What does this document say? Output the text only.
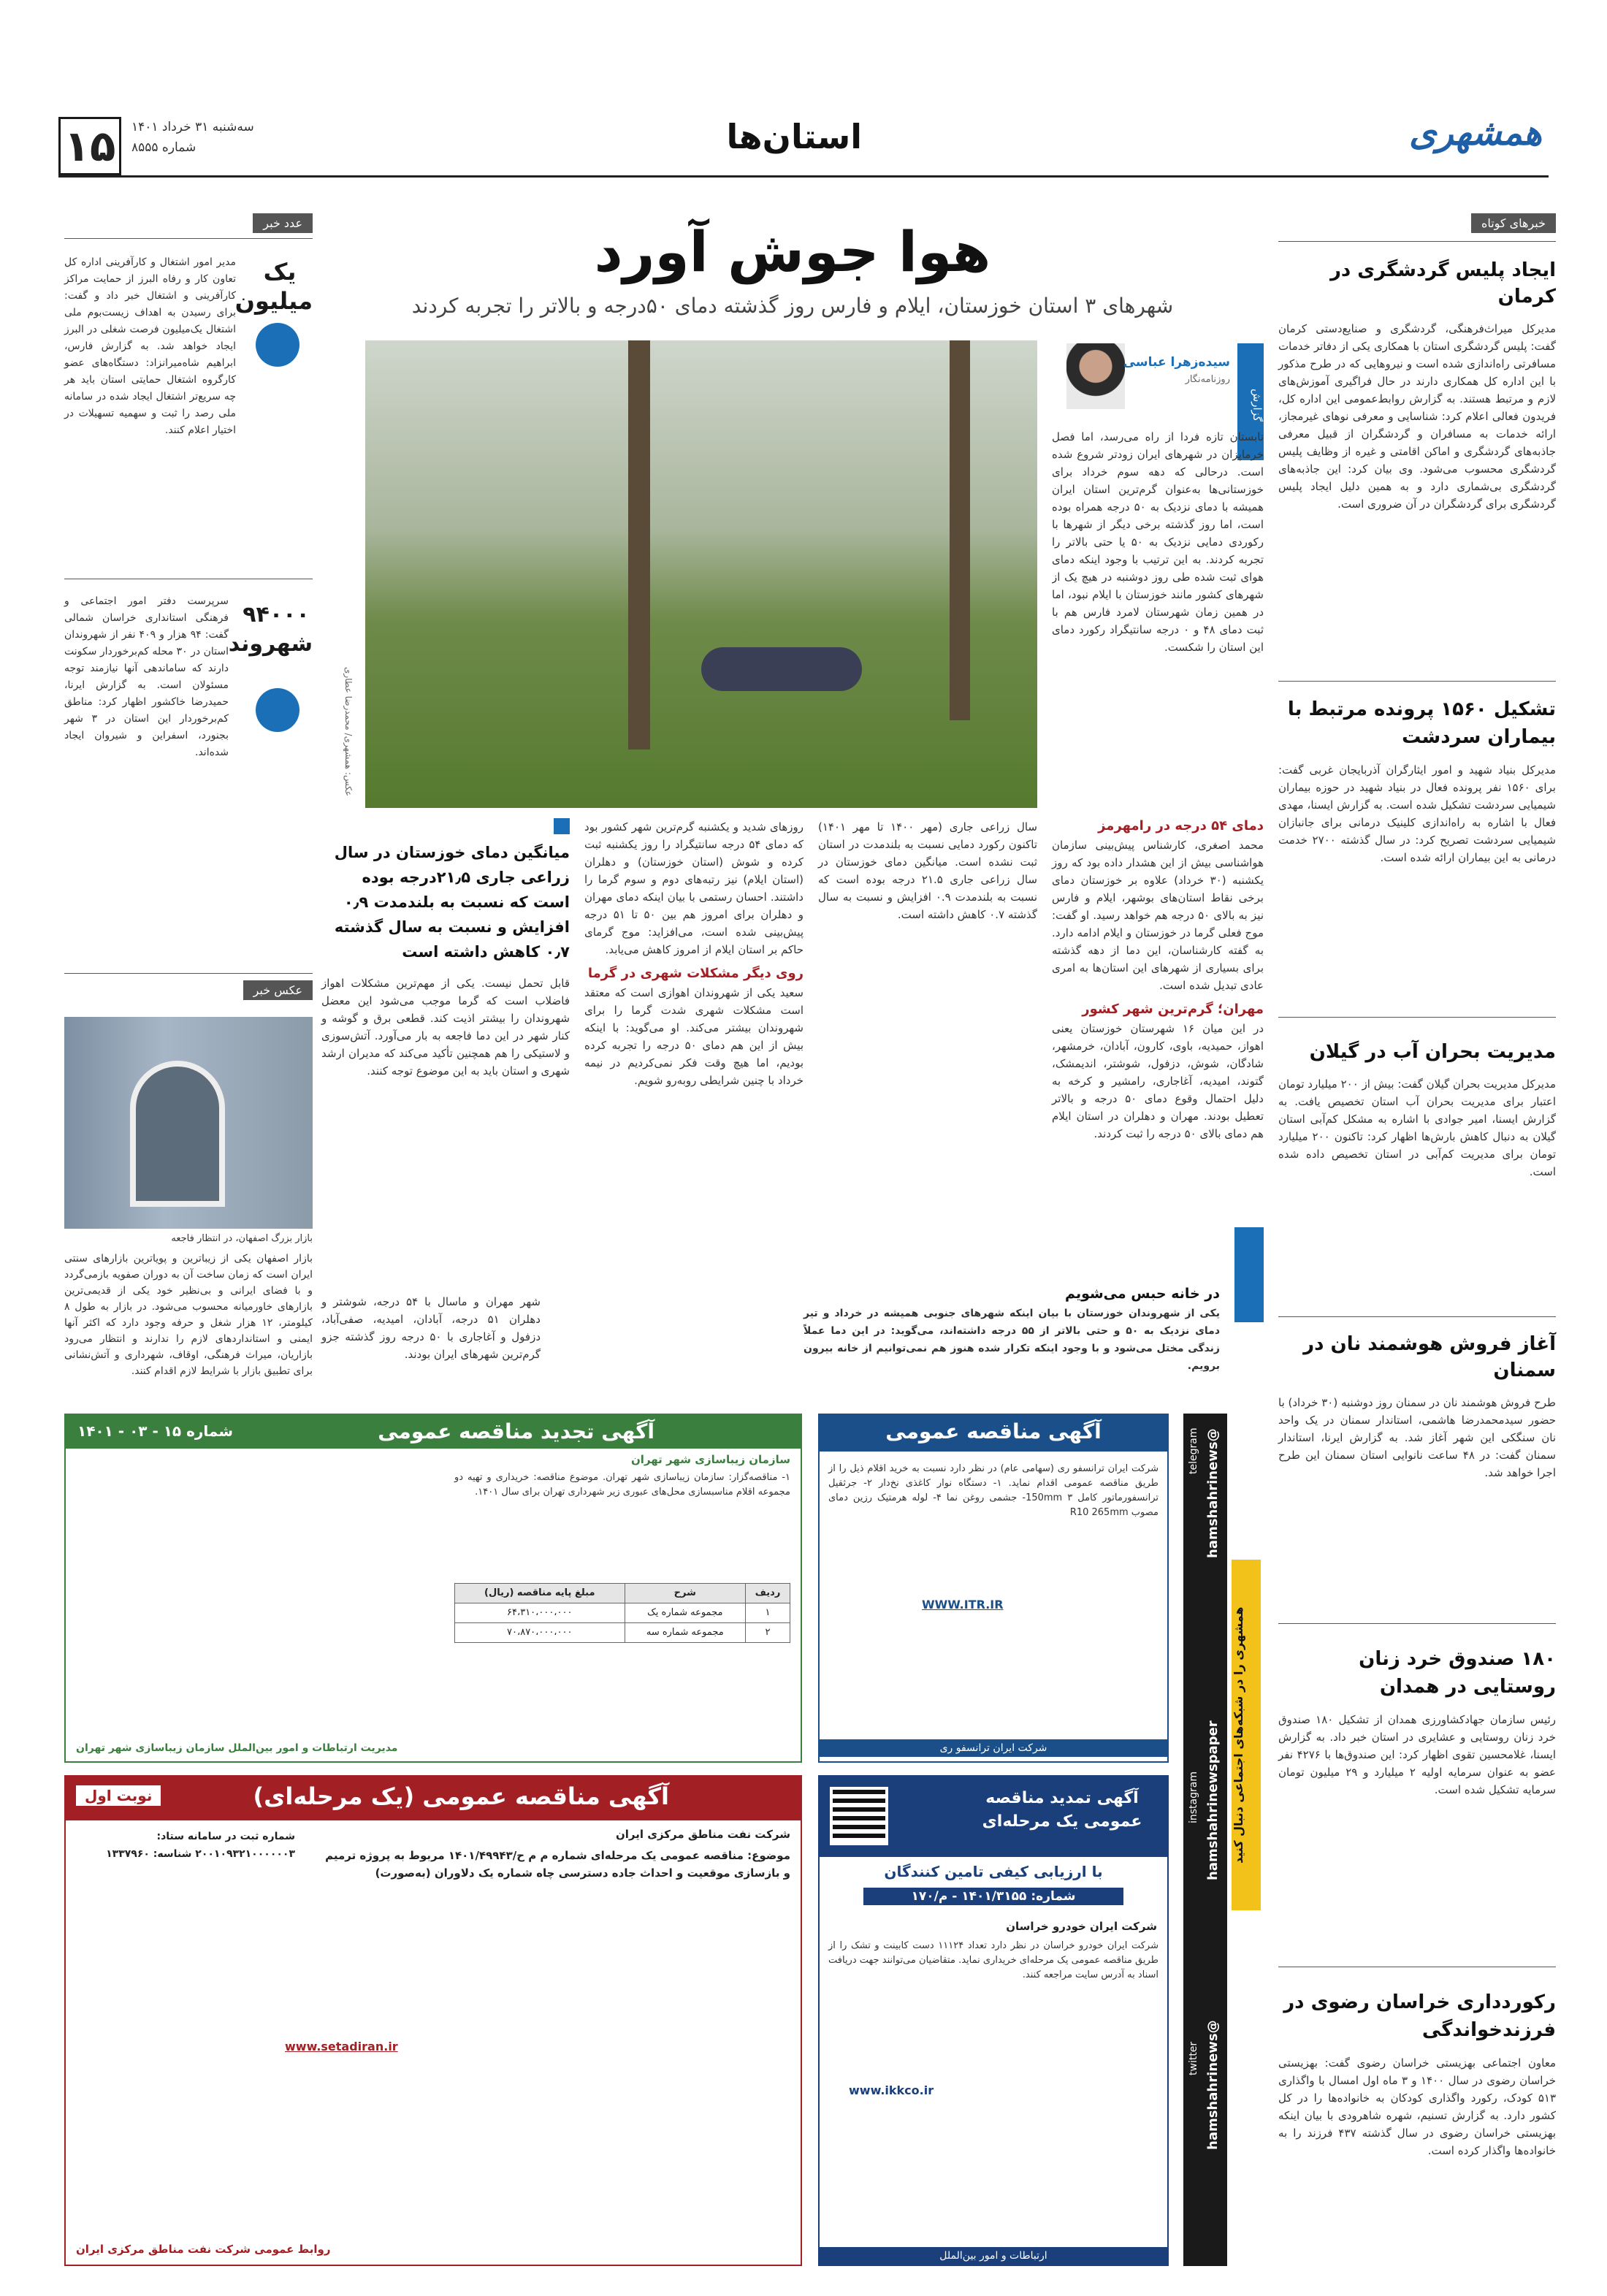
۱۵	سه‌شنبه ۳۱ خرداد ۱۴۰۱
شماره ۸۵۵۵	استان‌ها	همشهری
خبرهای کوتاه
ایجاد پلیس گردشگری در کرمان
مدیرکل میراث‌فرهنگی، گردشگری و صنایع‌دستی کرمان گفت: پلیس گردشگری استان با همکاری یکی از دفاتر خدمات مسافرتی راه‌اندازی شده است و نیروهایی که در طرح مذکور با این اداره کل همکاری دارند در حال فراگیری آموزش‌های لازم و مرتبط هستند. به گزارش روابط‌عمومی این اداره کل، فریدون فعالی اعلام کرد: شناسایی و معرفی نوهای غیرمجاز، ارائه خدمات به مسافران و گردشگران از قبیل معرفی جاذبه‌های گردشگری و اماکن اقامتی و غیره از وظایف پلیس گردشگری محسوب می‌شود. وی بیان کرد: این جاذبه‌های گردشگری بی‌شماری دارد و به همین دلیل ایجاد پلیس گردشگری برای گردشگران در آن ضروری است.
تشکیل ۱۵۶۰ پرونده مرتبط با بیماران سردشت
مدیرکل بنیاد شهید و امور ایثارگران آذربایجان غربی گفت: برای ۱۵۶۰ نفر پرونده فعال در بنیاد شهید در حوزه بیماران شیمیایی سردشت تشکیل شده است. به گزارش ایسنا، مهدی فعال با اشاره به راه‌اندازی کلینیک درمانی برای جانبازان شیمیایی سردشت تصریح کرد: در سال گذشته ۲۷۰۰ خدمت درمانی به این بیماران ارائه شده است.
مدیریت بحران آب در گیلان
مدیرکل مدیریت بحران گیلان گفت: بیش از ۲۰۰ میلیارد تومان اعتبار برای مدیریت بحران آب استان تخصیص یافت. به گزارش ایسنا، امیر جوادی با اشاره به مشکل کم‌آبی استان گیلان به دنبال کاهش بارش‌ها اظهار کرد: تاکنون ۲۰۰ میلیارد تومان برای مدیریت کم‌آبی در استان تخصیص داده شده است.
آغاز فروش هوشمند نان در سمنان
طرح فروش هوشمند نان در سمنان روز دوشنبه (۳۰ خرداد) با حضور سیدمحمدرضا هاشمی، استاندار سمنان در یک واحد نان سنگکی این شهر آغاز شد. به گزارش ایرنا، استاندار سمنان گفت: در ۴۸ ساعت نانوایی استان سمنان این طرح اجرا خواهد شد.
۱۸۰ صندوق خرد زنان روستایی در همدان
رئیس سازمان جهادکشاورزی همدان از تشکیل ۱۸۰ صندوق خرد زنان روستایی و عشایری در استان خبر داد. به گزارش ایسنا، غلامحسین تقوی اظهار کرد: این صندوق‌ها با ۴۲۷۶ نفر عضو به عنوان سرمایه اولیه ۲ میلیارد و ۲۹ میلیون تومان سرمایه تشکیل شده است.
رکورد‌داری خراسان رضوی در فرزندخواندگی
معاون اجتماعی بهزیستی خراسان رضوی گفت: بهزیستی خراسان رضوی در سال ۱۴۰۰ و ۳ ماه اول امسال با واگذاری ۵۱۳ کودک، رکورد واگذاری کودکان به خانواده‌ها را در کل کشور دارد. به گزارش تسنیم، شهره شاهرودی با بیان اینکه بهزیستی خراسان رضوی در سال گذشته ۴۳۷ فرزند را به خانواده‌ها واگذار کرده است.
هوا جوش آورد
شهرهای ۳ استان خوزستان، ایلام و فارس روز گذشته دمای ۵۰درجه و بالاتر را تجربه کردند
گزارش
سیده‌زهرا عباسی
روزنامه‌نگار
عکس: همشهری/ محمدرضا عطاری
تابستان تازه فردا از راه می‌رسد، اما فصل خرماپزان در شهرهای ایران زودتر شروع شده است. درحالی که دهه سوم خرداد برای خوزستانی‌ها به‌عنوان گرم‌ترین استان ایران همیشه با دمای نزدیک به ۵۰ درجه همراه بوده است، اما روز گذشته برخی دیگر از شهرها با رکوردی دمایی نزدیک به ۵۰ یا حتی بالاتر را تجربه کردند. به این ترتیب با وجود اینکه دمای هوای ثبت شده طی روز دوشنبه در هیچ یک از شهرهای کشور مانند خوزستان با ایلام نبود، اما در همین زمان شهرستان لامرد فارس هم با ثبت دمای ۴۸ و ۰ درجه سانتیگراد رکورد دمای این استان را شکست.
دمای ۵۴ درجه در رامهرمز
محمد اصغری، کارشناس پیش‌بینی سازمان هواشناسی بیش از این هشدار داده بود که روز یکشنبه (۳۰ خرداد) علاوه بر خوزستان دمای برخی نقاط استان‌های بوشهر، ایلام و فارس نیز به بالای ۵۰ درجه هم خواهد رسید. او گفت: موج فعلی گرما در خوزستان و ایلام ادامه دارد. به گفته کارشناسان، این دما از دهه گذشته برای بسیاری از شهرهای این استان‌ها به امری عادی تبدیل شده است.
مهران؛ گرم‌ترین شهر کشور
در این میان ۱۶ شهرستان خوزستان یعنی اهواز، حمیدیه، باوی، کارون، آبادان، خرمشهر، شادگان، شوش، دزفول، شوشتر، اندیمشک، گتوند، امیدیه، آغاجاری، رامشیر و کرخه به دلیل احتمال وقوع دمای ۵۰ درجه و بالاتر تعطیل بودند. مهران و دهلران در استان ایلام هم دمای بالای ۵۰ درجه را ثبت کردند.
سال زراعی جاری (مهر ۱۴۰۰ تا مهر ۱۴۰۱) تاکنون رکورد دمایی نسبت به بلندمدت در استان ثبت نشده است. میانگین دمای خوزستان در سال زراعی جاری ۲۱.۵ درجه بوده است که نسبت به بلندمدت ۰.۹ افزایش و نسبت به سال گذشته ۰.۷ کاهش داشته است.
روزهای شدید و یکشنبه گرم‌ترین شهر کشور بود که دمای ۵۴ درجه سانتیگراد را روز یکشنبه ثبت کرده و شوش (استان خوزستان) و دهلران (استان ایلام) نیز رتبه‌های دوم و سوم گرما را داشتند. احسان رستمی با بیان اینکه دمای مهران و دهلران برای امروز هم بین ۵۰ تا ۵۱ درجه پیش‌بینی شده است، می‌افزاید: موج گرمای حاکم بر استان ایلام از امروز کاهش می‌یابد.
روی دیگر مشکلات شهری در گرما
سعید یکی از شهروندان اهوازی است که معتقد است مشکلات شهری شدت گرما را برای شهروندان بیشتر می‌کند. او می‌گوید: با اینکه بیش از این هم دمای ۵۰ درجه را تجربه کرده بودیم، اما هیچ وقت فکر نمی‌کردیم در نیمه خرداد با چنین شرایطی روبه‌رو شویم.
میانگین دمای خوزستان در سال زراعی جاری ۲۱٫۵درجه بوده است که نسبت به بلندمدت ۰٫۹ افزایش و نسبت به سال گذشته ۰٫۷ کاهش داشته است
قابل تحمل نیست. یکی از مهم‌ترین مشکلات اهواز فاضلاب است که گرما موجب می‌شود این معضل شهروندان را بیشتر اذیت کند. قطعی برق و گوشه و کنار شهر در این دما فاجعه به بار می‌آورد. آتش‌سوزی و لاستیکی را هم همچنین تأکید می‌کند که مدیران ارشد شهری و استان باید به این موضوع توجه کنند.
در خانه حبس می‌شویم
یکی از شهروندان خوزستان با بیان اینکه شهرهای جنوبی همیشه در خرداد و تیر دمای نزدیک به ۵۰ و حتی بالاتر از ۵۵ درجه داشته‌اند، می‌گوید: در این دما عملاً زندگی مختل می‌شود و با وجود اینکه تکرار شده هنوز هم نمی‌توانیم از خانه بیرون برویم.
شهر مهران و ماسال با ۵۴ درجه، شوشتر و دهلران ۵۱ درجه، آبادان، امیدیه، صفی‌آباد، دزفول و آغاجاری با ۵۰ درجه روز گذشته جزو گرم‌ترین شهرهای ایران بودند.
عدد خبر
یک میلیون
مدیر امور اشتغال و کارآفرینی اداره کل تعاون کار و رفاه البرز از حمایت مراکز کارآفرینی و اشتغال خبر داد و گفت: برای رسیدن به اهداف زیست‌بوم ملی اشتغال یک‌میلیون فرصت شغلی در البرز ایجاد خواهد شد. به گزارش فارس، ابراهیم شاه‌میرانزاد: دستگاه‌های عضو کارگروه اشتغال حمایتی استان باید هر چه سریع‌تر اشتغال ایجاد شده در سامانه ملی رصد را ثبت و سهمیه تسهیلات در اختیار اعلام کنند.
۹۴۰۰۰ شهروند
سرپرست دفتر امور اجتماعی و فرهنگی استانداری خراسان شمالی گفت: ۹۴ هزار و ۴۰۹ نفر از شهروندان استان در ۳۰ محله کم‌برخوردار سکونت دارند که ساماندهی آنها نیازمند توجه مسئولان است. به گزارش ایرنا، حمیدرضا خاکشور اظهار کرد: مناطق کم‌برخوردار این استان در ۳ شهر بجنورد، اسفراین و شیروان ایجاد شده‌اند.
عکس خبر
بازار بزرگ اصفهان، در انتظار فاجعه
بازار اصفهان یکی از زیباترین و پویاترین بازارهای سنتی ایران است که زمان ساخت آن به دوران صفویه بازمی‌گردد و با فضای ایرانی و بی‌نظیر خود یکی از قدیمی‌ترین بازارهای خاورمیانه محسوب می‌شود. در بازار به طول ۸ کیلومتر، ۱۲ هزار شغل و حرفه وجود دارد که اکثر آنها ایمنی و استانداردهای لازم را ندارند و انتظار می‌رود بازاریان، میراث فرهنگی، اوقاف، شهرداری و آتش‌نشانی برای تطبیق بازار با شرایط لازم اقدام کنند.
آگهی مناقصه عمومی
شرکت ایران ترانسفو ری (سهامی عام) در نظر دارد نسبت به خرید اقلام ذیل را از طریق مناقصه عمومی اقدام نماید. ۱- دستگاه نوار کاغذی نخ‌دار ۲- جرثقیل ترانسفورماتور کامل 150mm ۳- جشمی روغن نما ۴- لوله هرمتیک رزین دمای مصوب R10 265mm
WWW.ITR.IR
شرکت ایران ترانسفو ری
آگهی تجدید مناقصه عمومی
شماره ۱۵ - ۰۳ - ۱۴۰۱
سازمان زیباسازی شهر تهران
۱- مناقصه‌گزار: سازمان زیباسازی شهر تهران. موضوع مناقصه: خریداری و تهیه دو مجموعه اقلام مناسبسازی محل‌های عبوری زیر شهرداری تهران برای سال ۱۴۰۱.
ردیف	شرح	مبلغ پایه مناقصه (ریال)
۱	مجموعه شماره یک	۶۴،۳۱۰،۰۰۰،۰۰۰
۲	مجموعه شماره سه	۷۰،۸۷۰،۰۰۰،۰۰۰
مدیریت ارتباطات و امور بین‌الملل سازمان زیباسازی شهر تهران
آگهی مناقصه عمومی (یک مرحله‌ای)
نوبت اول
شرکت نفت مناطق مرکزی ایران
موضوع: مناقصه عمومی یک مرحله‌ای شماره م م ح/۱۴۰۱/۴۹۹۴۳ مربوط به پروژه ترمیم و بازسازی موقعیت و احداث جاده دسترسی چاه شماره یک دلاوران (به‌صورت)
شماره ثبت در سامانه ستاد: ۲۰۰۱۰۹۳۲۱۰۰۰۰۰۰۳ شناسه: ۱۳۳۷۹۶۰
www.setadiran.ir
روابط عمومی شرکت نفت مناطق مرکزی ایران
آگهی تمدید مناقصه عمومی یک مرحله‌ای
با ارزیابی کیفی تامین کنندگان
شماره: ۱۴۰۱/۳۱۵۵ - م/۱۷۰
شرکت ایران خودرو خراسان
شرکت ایران خودرو خراسان در نظر دارد تعداد ۱۱۱۲۴ دست کابینت و تشک را از طریق مناقصه عمومی یک مرحله‌ای خریداری نماید. متقاضیان می‌توانند جهت دریافت اسناد به آدرس سایت مراجعه کنند.
www.ikkco.ir
ارتباطات و امور بین‌الملل
telegram @hamshahrinews
instagram hamshahrinewspaper
twitter @hamshahrinews
همشهری را در شبکه‌های اجتماعی دنبال کنید
